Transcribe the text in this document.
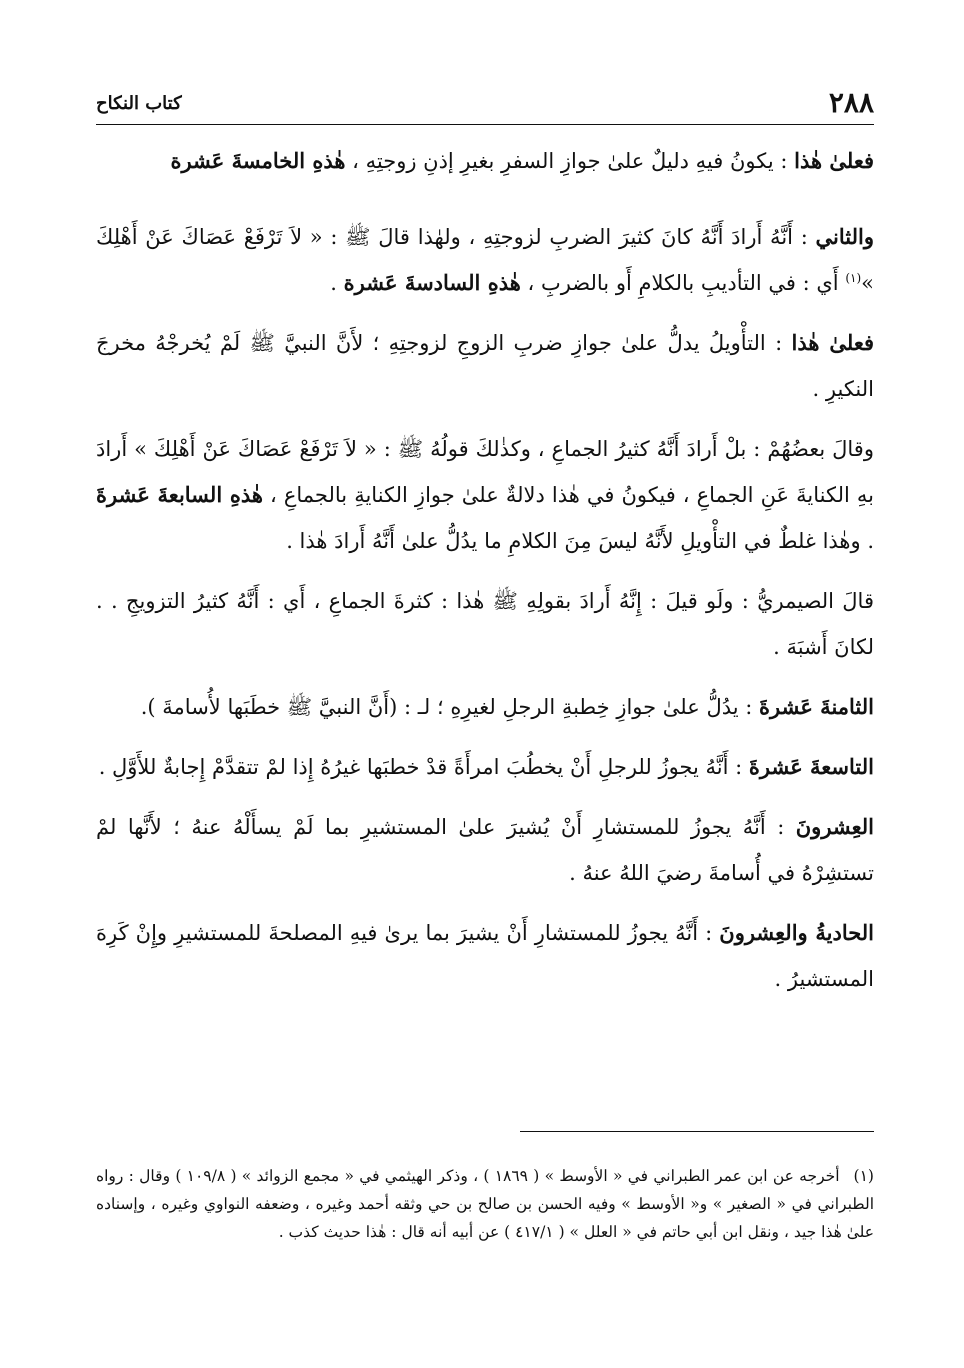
٢٨٨
كتاب النكاح

فعلىٰ هٰذا : يكونُ فيهِ دليلٌ علىٰ جوازِ السفرِ بغيرِ إذنِ زوجتِهِ ، هٰذهِ الخامسةَ عَشرة

والثاني : أَنَّهُ أَرادَ أَنَّهُ كانَ كثيرَ الضربِ لزوجتِهِ ، ولهٰذا قالَ ﷺ : « لاَ تَرْفَعْ عَصَاكَ عَنْ أَهْلِكَ »$^{(١)}$ أَي : في التأديبِ بالكلامِ أَو بالضربِ ، هٰذهِ السادسةَ عَشرة .

فعلىٰ هٰذا : التأْويلُ يدلُّ علىٰ جوازِ ضربِ الزوجِ لزوجتِهِ ؛ لأَنَّ النبيَّ ﷺ لَمْ يُخرجْهُ مخرجَ النكيرِ .

وقالَ بعضُهُمْ : بلْ أَرادَ أَنَّهُ كثيرُ الجماعِ ، وكذٰلكَ قولُهُ ﷺ : « لاَ تَرْفَعْ عَصَاكَ عَنْ أَهْلِكَ » أَرادَ بهِ الكنايةَ عَنِ الجماعِ ، فيكونُ في هٰذا دلالةٌ علىٰ جوازِ الكنايةِ بالجماعِ ، هٰذهِ السابعةَ عَشرةَ . وهٰذا غلطٌ في التأْويلِ لأَنَّهُ ليسَ مِنَ الكلامِ ما يدُلُّ علىٰ أَنَّهُ أَرادَ هٰذا .

قالَ الصيمريُّ : ولَو قيلَ : إِنَّهُ أَرادَ بقولِهِ ﷺ هٰذا : كثرةَ الجماعِ ، أَي : أَنَّهُ كثيرُ التزويجِ . . لكانَ أَشبَهَ .

الثامنةَ عَشرةَ : يدُلُّ علىٰ جوازِ خِطبةِ الرجلِ لغيرِهِ ؛ لـ : (أَنَّ النبيَّ ﷺ خطَبَها لأُسامةَ ).

التاسعةَ عَشرةَ : أَنَّهُ يجوزُ للرجلِ أَنْ يخطُبَ امرأَةً قدْ خطبَها غيرُهُ إِذا لمْ تتقدَّمْ إِجابةٌ للأَوَّلِ .

العِشرونَ : أَنَّهُ يجوزُ للمستشارِ أَنْ يُشيرَ علىٰ المستشيرِ بما لَمْ يسأَلْهُ عنهُ ؛ لأَنَّها لمْ تستشِرْهُ في أُسامةَ رضيَ اللهُ عنهُ .

الحاديةُ والعِشرونَ : أَنَّهُ يجوزُ للمستشارِ أَنْ يشيرَ بما يرىٰ فيهِ المصلحةَ للمستشيرِ وإِنْ كَرِهَ المستشيرُ .

(١)أخرجه عن ابن عمر الطبراني في « الأوسط » ( ١٨٦٩ ) ، وذكر الهيثمي في « مجمع الزوائد » ( ١٠٩/٨ ) وقال : رواه الطبراني في « الصغير » و« الأوسط » وفيه الحسن بن صالح بن حي وثقه أحمد وغيره ، وضعفه النواوي وغيره ، وإسناده علىٰ هٰذا جيد ، ونقل ابن أبي حاتم في « العلل » ( ٤١٧/١ ) عن أبيه أنه قال : هٰذا حديث كذب .
